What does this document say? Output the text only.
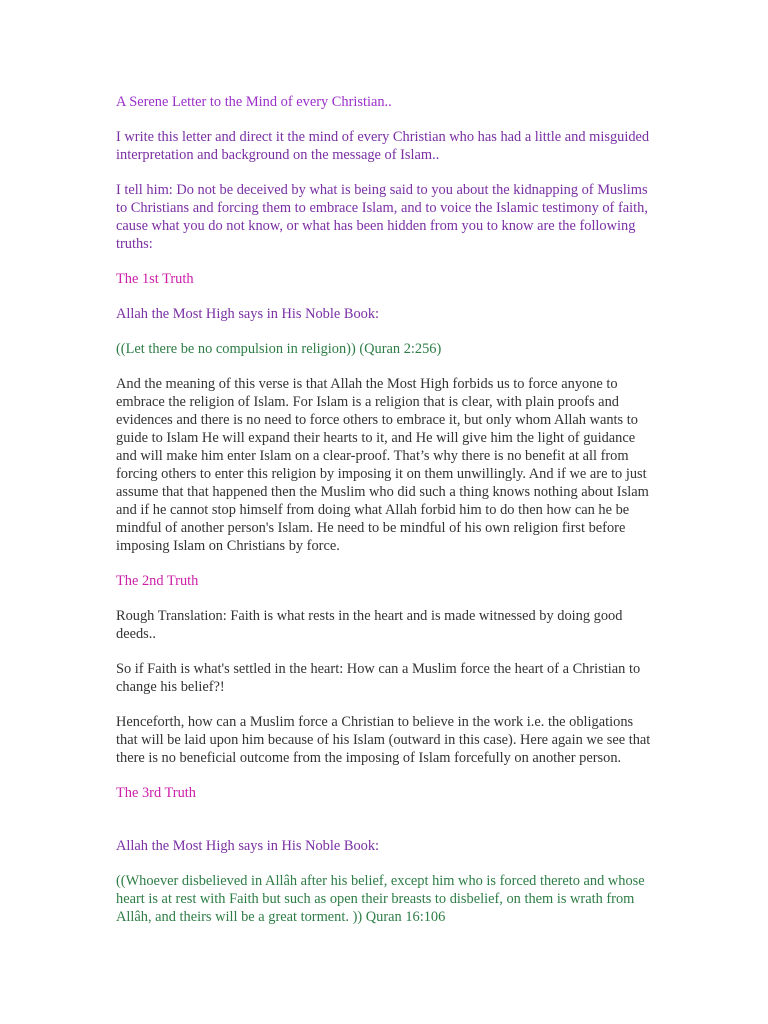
A Serene Letter to the Mind of every Christian..

I write this letter and direct it the mind of every Christian who has had a little and misguided interpretation and background on the message of Islam..

I tell him: Do not be deceived by what is being said to you about the kidnapping of Muslims to Christians and forcing them to embrace Islam, and to voice the Islamic testimony of faith, cause what you do not know, or what has been hidden from you to know are the following truths:

The 1st Truth

Allah the Most High says in His Noble Book:

((Let there be no compulsion in religion)) (Quran 2:256)

And the meaning of this verse is that Allah the Most High forbids us to force anyone to embrace the religion of Islam. For Islam is a religion that is clear, with plain proofs and evidences and there is no need to force others to embrace it, but only whom Allah wants to guide to Islam He will expand their hearts to it, and He will give him the light of guidance and will make him enter Islam on a clear-proof. That’s why there is no benefit at all from forcing others to enter this religion by imposing it on them unwillingly. And if we are to just assume that that happened then the Muslim who did such a thing knows nothing about Islam and if he cannot stop himself from doing what Allah forbid him to do then how can he be mindful of another person's Islam. He need to be mindful of his own religion first before imposing Islam on Christians by force.

The 2nd Truth

Rough Translation: Faith is what rests in the heart and is made witnessed by doing good deeds..

So if Faith is what's settled in the heart: How can a Muslim force the heart of a Christian to change his belief?!

Henceforth, how can a Muslim force a Christian to believe in the work i.e. the obligations that will be laid upon him because of his Islam (outward in this case). Here again we see that there is no beneficial outcome from the imposing of Islam forcefully on another person.

The 3rd Truth

Allah the Most High says in His Noble Book:

((Whoever disbelieved in Allâh after his belief, except him who is forced thereto and whose heart is at rest with Faith but such as open their breasts to disbelief, on them is wrath from Allâh, and theirs will be a great torment. )) Quran 16:106
